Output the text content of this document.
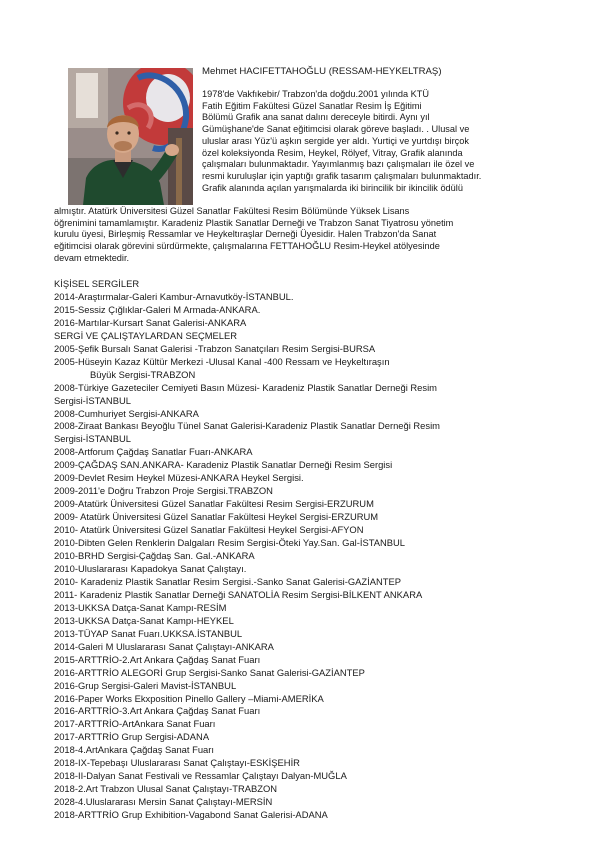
Mehmet HACIFETTAHOĞLU (RESSAM-HEYKELTRAŞ)
1978'de Vakfıkebir/ Trabzon'da doğdu.2001 yılında KTÜ
Fatih Eğitim Fakültesi Güzel Sanatlar Resim İş Eğitimi
Bölümü Grafik ana sanat dalını dereceyle bitirdi. Aynı yıl
Gümüşhane'de Sanat eğitimcisi olarak göreve başladı. . Ulusal ve
uluslar arası Yüz'ü aşkın sergide yer aldı. Yurtiçi ve yurtdışı birçok
özel koleksiyonda Resim, Heykel, Rölyef, Vitray, Grafik alanında
çalışmaları bulunmaktadır. Yayımlanmış bazı çalışmaları ile özel ve
resmi kuruluşlar için yaptığı grafik tasarım çalışmaları bulunmaktadır.
Grafik alanında açılan yarışmalarda iki birincilik bir ikincilik ödülü
almıştır. Atatürk Üniversitesi Güzel Sanatlar Fakültesi Resim Bölümünde Yüksek Lisans
öğrenimini tamamlamıştır. Karadeniz Plastik Sanatlar Derneği ve Trabzon Sanat Tiyatrosu yönetim
kurulu üyesi, Birleşmiş Ressamlar ve Heykeltıraşlar Derneği Üyesidir. Halen Trabzon'da Sanat
eğitimcisi olarak görevini sürdürmekte, çalışmalarına FETTAHOĞLU Resim-Heykel atölyesinde
devam etmektedir.
KİŞİSEL SERGİLER
2014-Araştırmalar-Galeri Kambur-Arnavutköy-İSTANBUL.
2015-Sessiz Çığlıklar-Galeri M Armada-ANKARA.
2016-Martılar-Kursart Sanat Galerisi-ANKARA
SERGİ VE ÇALIŞTAYLARDAN SEÇMELER
2005-Şefik Bursalı Sanat Galerisi -Trabzon Sanatçıları Resim Sergisi-BURSA
2005-Hüseyin Kazaz Kültür Merkezi -Ulusal Kanal -400 Ressam ve Heykeltıraşın
Büyük Sergisi-TRABZON
2008-Türkiye Gazeteciler Cemiyeti Basın Müzesi- Karadeniz Plastik Sanatlar Derneği Resim
Sergisi-İSTANBUL
2008-Cumhuriyet Sergisi-ANKARA
2008-Ziraat Bankası Beyoğlu Tünel Sanat Galerisi-Karadeniz Plastik Sanatlar Derneği Resim
Sergisi-İSTANBUL
2008-Artforum Çağdaş Sanatlar Fuarı-ANKARA
2009-ÇAĞDAŞ SAN.ANKARA- Karadeniz Plastik Sanatlar Derneği Resim Sergisi
2009-Devlet Resim Heykel Müzesi-ANKARA Heykel Sergisi.
2009-2011'e Doğru Trabzon Proje Sergisi.TRABZON
2009-Atatürk Üniversitesi Güzel Sanatlar Fakültesi Resim Sergisi-ERZURUM
2009- Atatürk Üniversitesi Güzel Sanatlar Fakültesi Heykel Sergisi-ERZURUM
2010- Atatürk Üniversitesi Güzel Sanatlar Fakültesi Heykel Sergisi-AFYON
2010-Dibten Gelen Renklerin Dalgaları Resim Sergisi-Öteki Yay.San. Gal-İSTANBUL
2010-BRHD Sergisi-Çağdaş San. Gal.-ANKARA
2010-Uluslararası Kapadokya Sanat Çalıştayı.
2010- Karadeniz Plastik Sanatlar Resim Sergisi.-Sanko Sanat Galerisi-GAZİANTEP
2011- Karadeniz Plastik Sanatlar Derneği SANATOLİA Resim Sergisi-BİLKENT ANKARA
2013-UKKSA Datça-Sanat Kampı-RESİM
2013-UKKSA Datça-Sanat Kampı-HEYKEL
2013-TÜYAP Sanat Fuarı.UKKSA.İSTANBUL
2014-Galeri M Uluslararası Sanat Çalıştayı-ANKARA
2015-ARTTRİO-2.Art Ankara Çağdaş Sanat Fuarı
2016-ARTTRİO ALEGORİ Grup Sergisi-Sanko Sanat Galerisi-GAZİANTEP
2016-Grup Sergisi-Galeri Mavist-İSTANBUL
2016-Paper Works Ekxposition Pinello Gallery –Miami-AMERİKA
2016-ARTTRİO-3.Art Ankara Çağdaş Sanat Fuarı
2017-ARTTRİO-ArtAnkara Sanat Fuarı
2017-ARTTRİO Grup Sergisi-ADANA
2018-4.ArtAnkara Çağdaş Sanat Fuarı
2018-IX-Tepebaşı Uluslararası Sanat Çalıştayı-ESKİŞEHİR
2018-II-Dalyan Sanat Festivali ve Ressamlar Çalıştayı Dalyan-MUĞLA
2018-2.Art Trabzon Ulusal Sanat Çalıştayı-TRABZON
2028-4.Uluslararası Mersin Sanat Çalıştayı-MERSİN
2018-ARTTRİO Grup Exhibition-Vagabond Sanat Galerisi-ADANA
